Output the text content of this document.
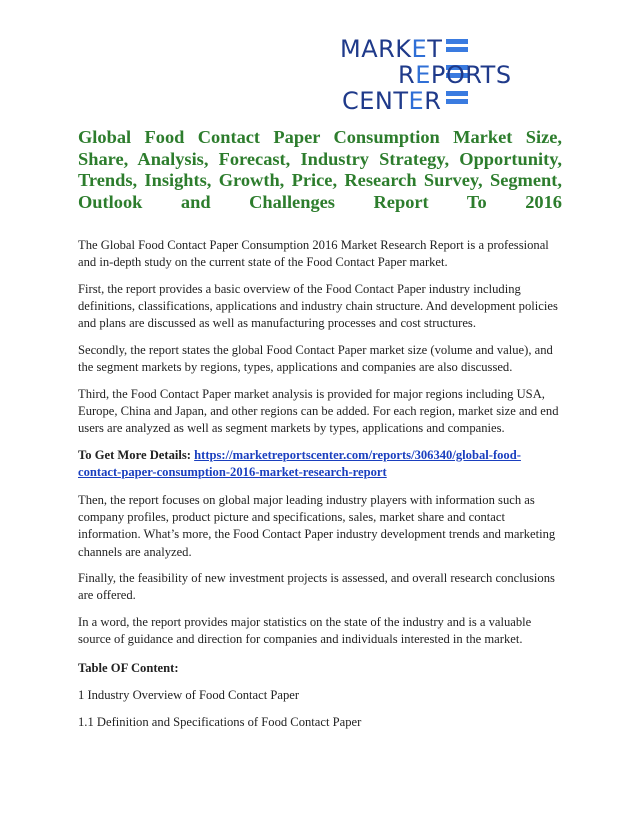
MARKET
REPORTS
CENTER
Global Food Contact Paper Consumption Market Size, Share, Analysis, Forecast, Industry Strategy, Opportunity, Trends, Insights, Growth, Price, Research Survey, Segment, Outlook and Challenges Report To 2016

The Global Food Contact Paper Consumption 2016 Market Research Report is a professional and in-depth study on the current state of the Food Contact Paper market.

First, the report provides a basic overview of the Food Contact Paper industry including definitions, classifications, applications and industry chain structure. And development policies and plans are discussed as well as manufacturing processes and cost structures.

Secondly, the report states the global Food Contact Paper market size (volume and value), and the segment markets by regions, types, applications and companies are also discussed.

Third, the Food Contact Paper market analysis is provided for major regions including USA, Europe, China and Japan, and other regions can be added. For each region, market size and end users are analyzed as well as segment markets by types, applications and companies.

To Get More Details: https://marketreportscenter.com/reports/306340/global-food-contact-paper-consumption-2016-market-research-report

Then, the report focuses on global major leading industry players with information such as company profiles, product picture and specifications, sales, market share and contact information. What’s more, the Food Contact Paper industry development trends and marketing channels are analyzed.

Finally, the feasibility of new investment projects is assessed, and overall research conclusions are offered.

In a word, the report provides major statistics on the state of the industry and is a valuable source of guidance and direction for companies and individuals interested in the market.

Table OF Content:

1 Industry Overview of Food Contact Paper

1.1 Definition and Specifications of Food Contact Paper
